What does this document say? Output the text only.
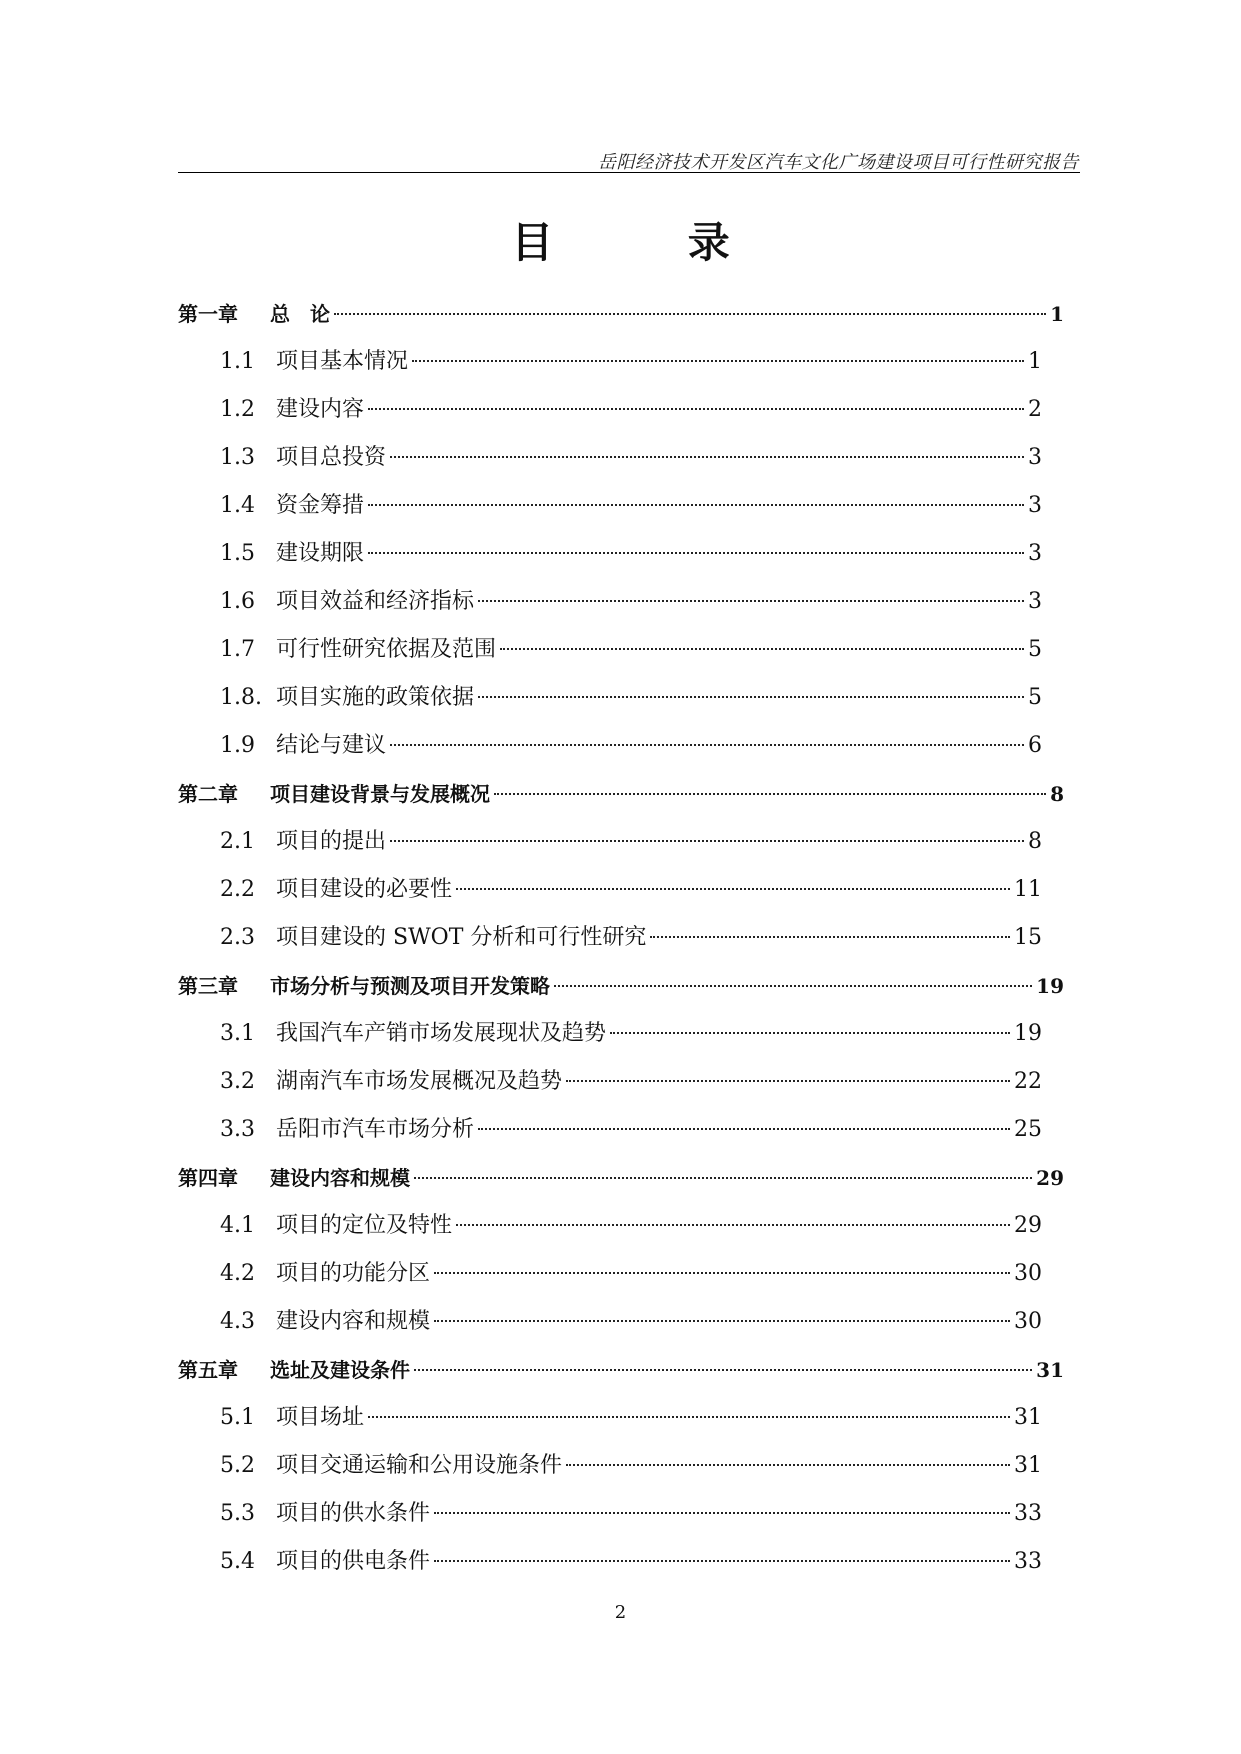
岳阳经济技术开发区汽车文化广场建设项目可行性研究报告
目 录
第一章	总　论	1
1.1 项目基本情况	1
1.2 建设内容	2
1.3 项目总投资	3
1.4 资金筹措	3
1.5 建设期限	3
1.6 项目效益和经济指标	3
1.7 可行性研究依据及范围	5
1.8. 项目实施的政策依据	5
1.9 结论与建议	6
第二章	项目建设背景与发展概况	8
2.1 项目的提出	8
2.2 项目建设的必要性	11
2.3 项目建设的 SWOT 分析和可行性研究	15
第三章	市场分析与预测及项目开发策略	19
3.1 我国汽车产销市场发展现状及趋势	19
3.2 湖南汽车市场发展概况及趋势	22
3.3 岳阳市汽车市场分析	25
第四章	建设内容和规模	29
4.1 项目的定位及特性	29
4.2 项目的功能分区	30
4.3 建设内容和规模	30
第五章	选址及建设条件	31
5.1 项目场址	31
5.2 项目交通运输和公用设施条件	31
5.3 项目的供水条件	33
5.4 项目的供电条件	33
2
